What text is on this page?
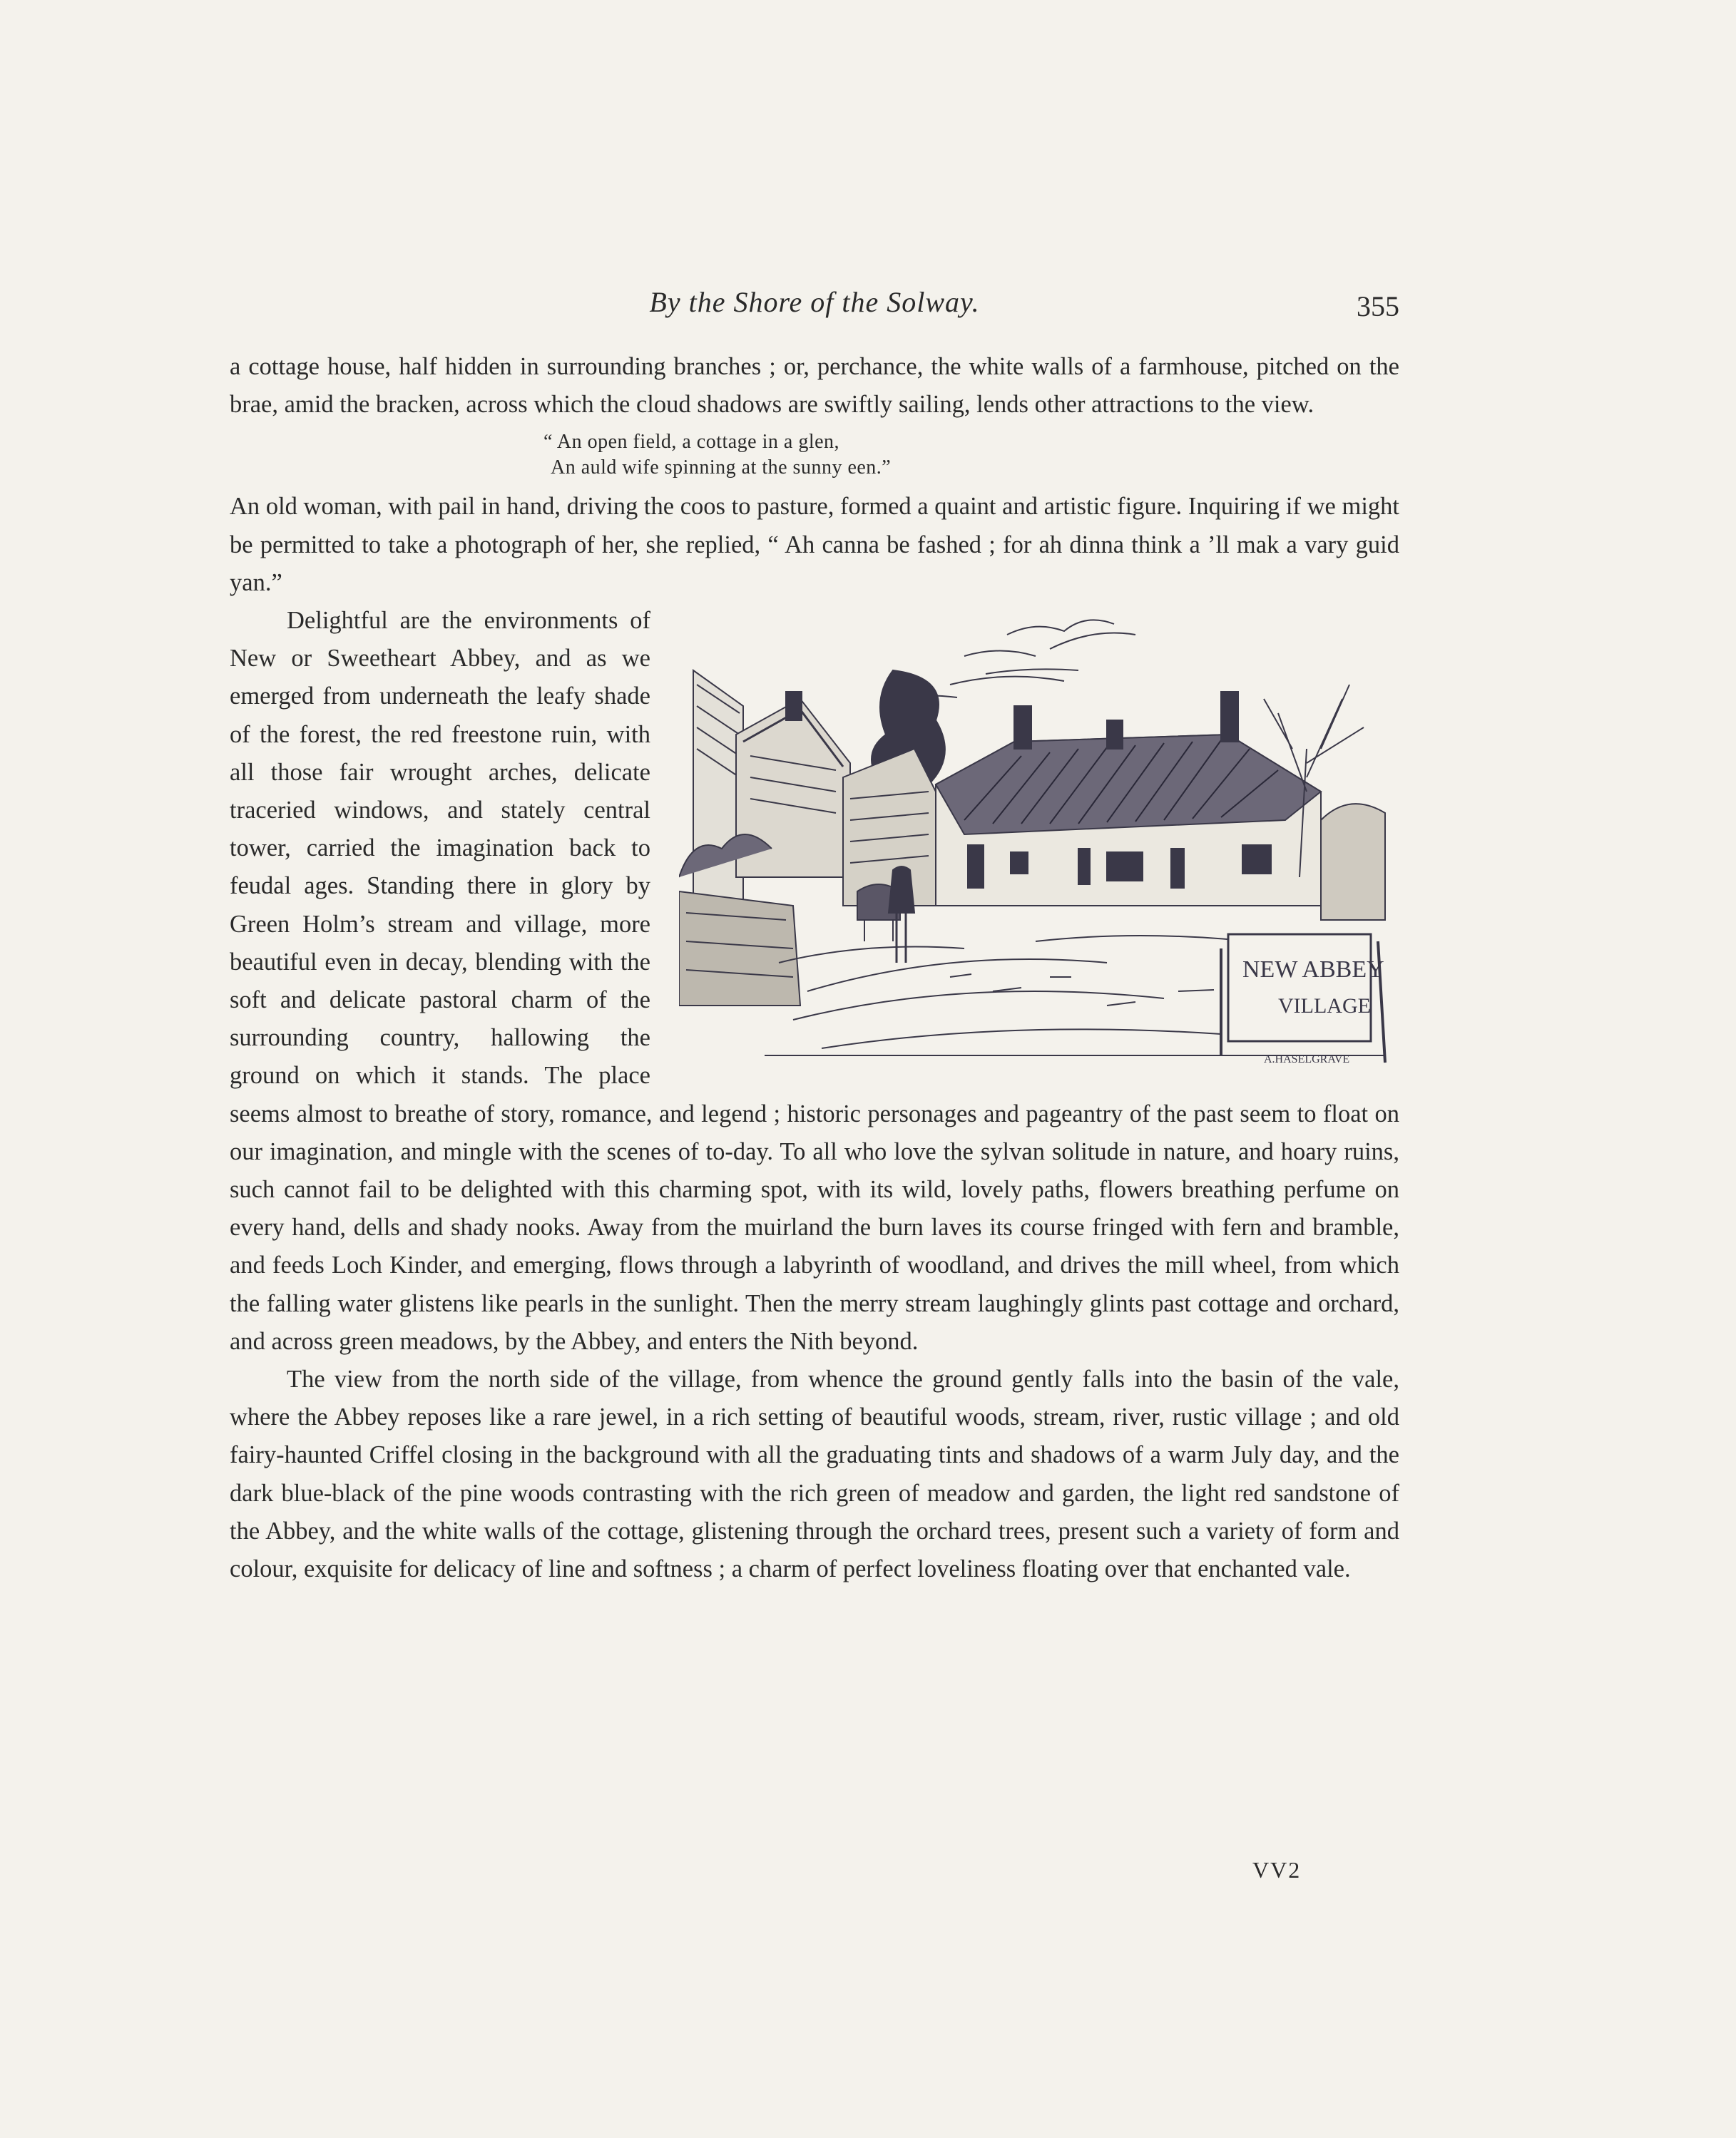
By the Shore of the Solway.	355

a cottage house, half hidden in surrounding branches ; or, perchance, the white walls of a farmhouse, pitched on the brae, amid the bracken, across which the cloud shadows are swiftly sailing, lends other attractions to the view.

“ An open field, a cottage in a glen,
An auld wife spinning at the sunny een.”

An old woman, with pail in hand, driving the coos to pasture, formed a quaint and artistic figure. Inquiring if we might be permitted to take a photograph of her, she replied, “ Ah canna be fashed ; for ah dinna think a ’ll mak a vary guid yan.”

NEW ABBEY
VILLAGE
A.HASELGRAVE
Delightful are the environments of New or Sweetheart Abbey, and as we emerged from underneath the leafy shade of the forest, the red freestone ruin, with all those fair wrought arches, delicate traceried windows, and stately central tower, carried the imagination back to feudal ages. Standing there in glory by Green Holm’s stream and village, more beautiful even in decay, blending with the soft and delicate pastoral charm of the surrounding country, hallowing the ground on which it stands. The place seems almost to breathe of story, romance, and legend ; historic personages and pageantry of the past seem to float on our imagination, and mingle with the scenes of to-day. To all who love the sylvan solitude in nature, and hoary ruins, such cannot fail to be delighted with this charming spot, with its wild, lovely paths, flowers breathing perfume on every hand, dells and shady nooks. Away from the muirland the burn laves its course fringed with fern and bramble, and feeds Loch Kinder, and emerging, flows through a labyrinth of woodland, and drives the mill wheel, from which the falling water glistens like pearls in the sunlight. Then the merry stream laughingly glints past cottage and orchard, and across green meadows, by the Abbey, and enters the Nith beyond.

The view from the north side of the village, from whence the ground gently falls into the basin of the vale, where the Abbey reposes like a rare jewel, in a rich setting of beautiful woods, stream, river, rustic village ; and old fairy-haunted Criffel closing in the background with all the graduating tints and shadows of a warm July day, and the dark blue-black of the pine woods contrasting with the rich green of meadow and garden, the light red sandstone of the Abbey, and the white walls of the cottage, glistening through the orchard trees, present such a variety of form and colour, exquisite for delicacy of line and softness ; a charm of perfect loveliness floating over that enchanted vale.

VV2
